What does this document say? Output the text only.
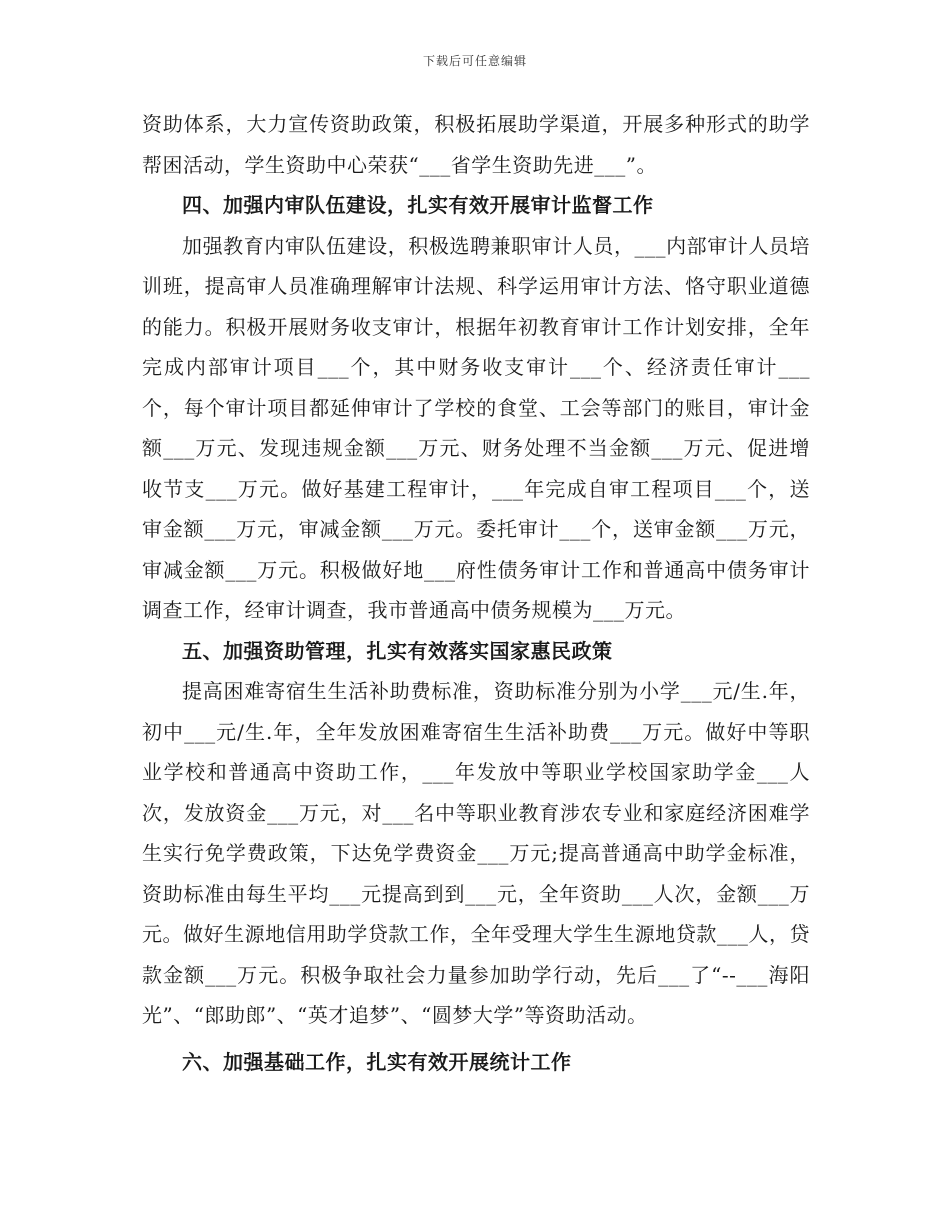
下载后可任意编辑

资助体系，大力宣传资助政策，积极拓展助学渠道，开展多种形式的助学帮困活动，学生资助中心荣获“___省学生资助先进___”。

四、加强内审队伍建设，扎实有效开展审计监督工作

加强教育内审队伍建设，积极选聘兼职审计人员，___内部审计人员培训班，提高审人员准确理解审计法规、科学运用审计方法、恪守职业道德的能力。积极开展财务收支审计，根据年初教育审计工作计划安排，全年完成内部审计项目___个，其中财务收支审计___个、经济责任审计___个，每个审计项目都延伸审计了学校的食堂、工会等部门的账目，审计金额___万元、发现违规金额___万元、财务处理不当金额___万元、促进增收节支___万元。做好基建工程审计，___年完成自审工程项目___个，送审金额___万元，审减金额___万元。委托审计___个，送审金额___万元，审减金额___万元。积极做好地___府性债务审计工作和普通高中债务审计调查工作，经审计调查，我市普通高中债务规模为___万元。

五、加强资助管理，扎实有效落实国家惠民政策

提高困难寄宿生生活补助费标准，资助标准分别为小学___元/生.年，初中___元/生.年，全年发放困难寄宿生生活补助费___万元。做好中等职业学校和普通高中资助工作，___年发放中等职业学校国家助学金___人次，发放资金___万元，对___名中等职业教育涉农专业和家庭经济困难学生实行免学费政策，下达免学费资金___万元;提高普通高中助学金标准，资助标准由每生平均___元提高到到___元，全年资助___人次，金额___万元。做好生源地信用助学贷款工作，全年受理大学生生源地贷款___人，贷款金额___万元。积极争取社会力量参加助学行动，先后___了“--___海阳光”、“郎助郎”、“英才追梦”、“圆梦大学”等资助活动。

六、加强基础工作，扎实有效开展统计工作
